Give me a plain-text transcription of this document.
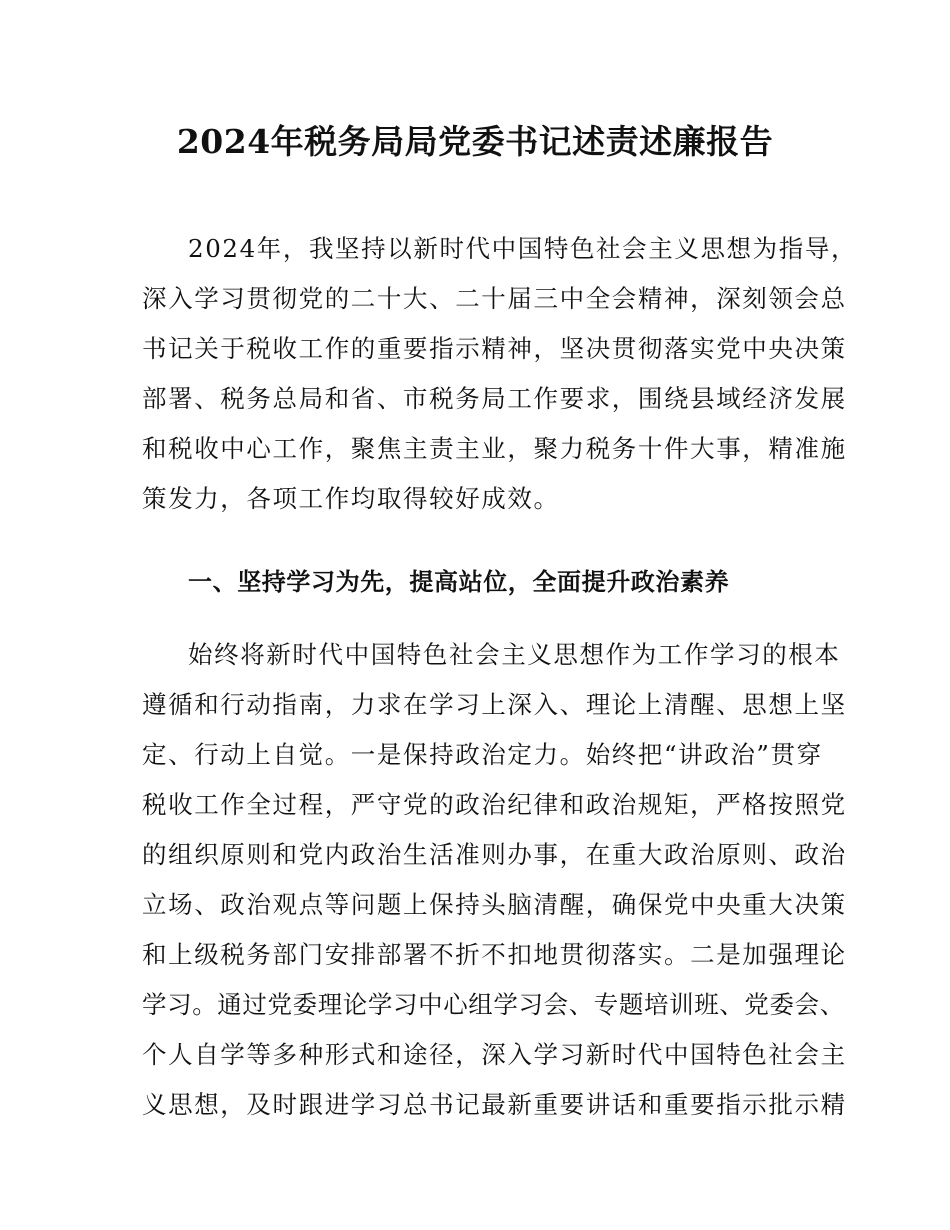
2024年税务局局党委书记述责述廉报告
2024年，我坚持以新时代中国特色社会主义思想为指导，
深入学习贯彻党的二十大、二十届三中全会精神，深刻领会总
书记关于税收工作的重要指示精神，坚决贯彻落实党中央决策
部署、税务总局和省、市税务局工作要求，围绕县域经济发展
和税收中心工作，聚焦主责主业，聚力税务十件大事，精准施
策发力，各项工作均取得较好成效。
一、坚持学习为先，提高站位，全面提升政治素养
始终将新时代中国特色社会主义思想作为工作学习的根本
遵循和行动指南，力求在学习上深入、理论上清醒、思想上坚
定、行动上自觉。一是保持政治定力。始终把“讲政治”贯穿
税收工作全过程，严守党的政治纪律和政治规矩，严格按照党
的组织原则和党内政治生活准则办事，在重大政治原则、政治
立场、政治观点等问题上保持头脑清醒，确保党中央重大决策
和上级税务部门安排部署不折不扣地贯彻落实。二是加强理论
学习。通过党委理论学习中心组学习会、专题培训班、党委会、
个人自学等多种形式和途径，深入学习新时代中国特色社会主
义思想，及时跟进学习总书记最新重要讲话和重要指示批示精
